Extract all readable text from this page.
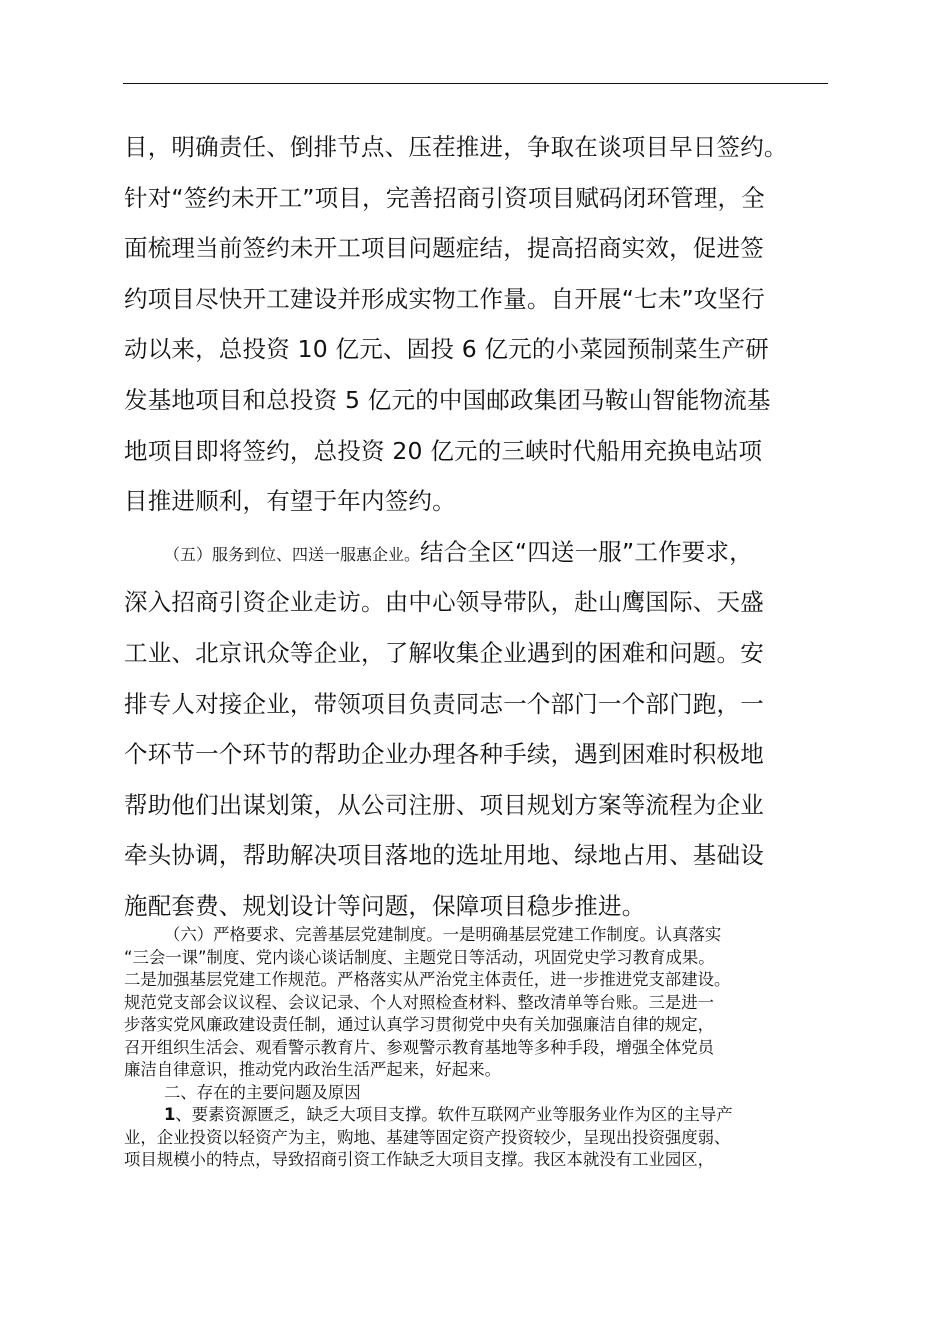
目，明确责任、倒排节点、压茬推进，争取在谈项目早日签约。
针对“签约未开工”项目，完善招商引资项目赋码闭环管理，全
面梳理当前签约未开工项目问题症结，提高招商实效，促进签
约项目尽快开工建设并形成实物工作量。自开展“七未”攻坚行
动以来，总投资 10 亿元、固投 6 亿元的小菜园预制菜生产研
发基地项目和总投资 5 亿元的中国邮政集团马鞍山智能物流基
地项目即将签约，总投资 20 亿元的三峡时代船用充换电站项
目推进顺利，有望于年内签约。
（五）服务到位、四送一服惠企业。结合全区“四送一服”工作要求，
深入招商引资企业走访。由中心领导带队，赴山鹰国际、天盛
工业、北京讯众等企业，了解收集企业遇到的困难和问题。安
排专人对接企业，带领项目负责同志一个部门一个部门跑，一
个环节一个环节的帮助企业办理各种手续，遇到困难时积极地
帮助他们出谋划策，从公司注册、项目规划方案等流程为企业
牵头协调，帮助解决项目落地的选址用地、绿地占用、基础设
施配套费、规划设计等问题，保障项目稳步推进。
（六）严格要求、完善基层党建制度。一是明确基层党建工作制度。认真落实
“三会一课”制度、党内谈心谈话制度、主题党日等活动，巩固党史学习教育成果。
二是加强基层党建工作规范。严格落实从严治党主体责任，进一步推进党支部建设。
规范党支部会议议程、会议记录、个人对照检查材料、整改清单等台账。三是进一
步落实党风廉政建设责任制，通过认真学习贯彻党中央有关加强廉洁自律的规定，
召开组织生活会、观看警示教育片、参观警示教育基地等多种手段，增强全体党员
廉洁自律意识，推动党内政治生活严起来，好起来。
二、存在的主要问题及原因
1、要素资源匮乏，缺乏大项目支撑。软件互联网产业等服务业作为区的主导产
业，企业投资以轻资产为主，购地、基建等固定资产投资较少，呈现出投资强度弱、
项目规模小的特点，导致招商引资工作缺乏大项目支撑。我区本就没有工业园区，
